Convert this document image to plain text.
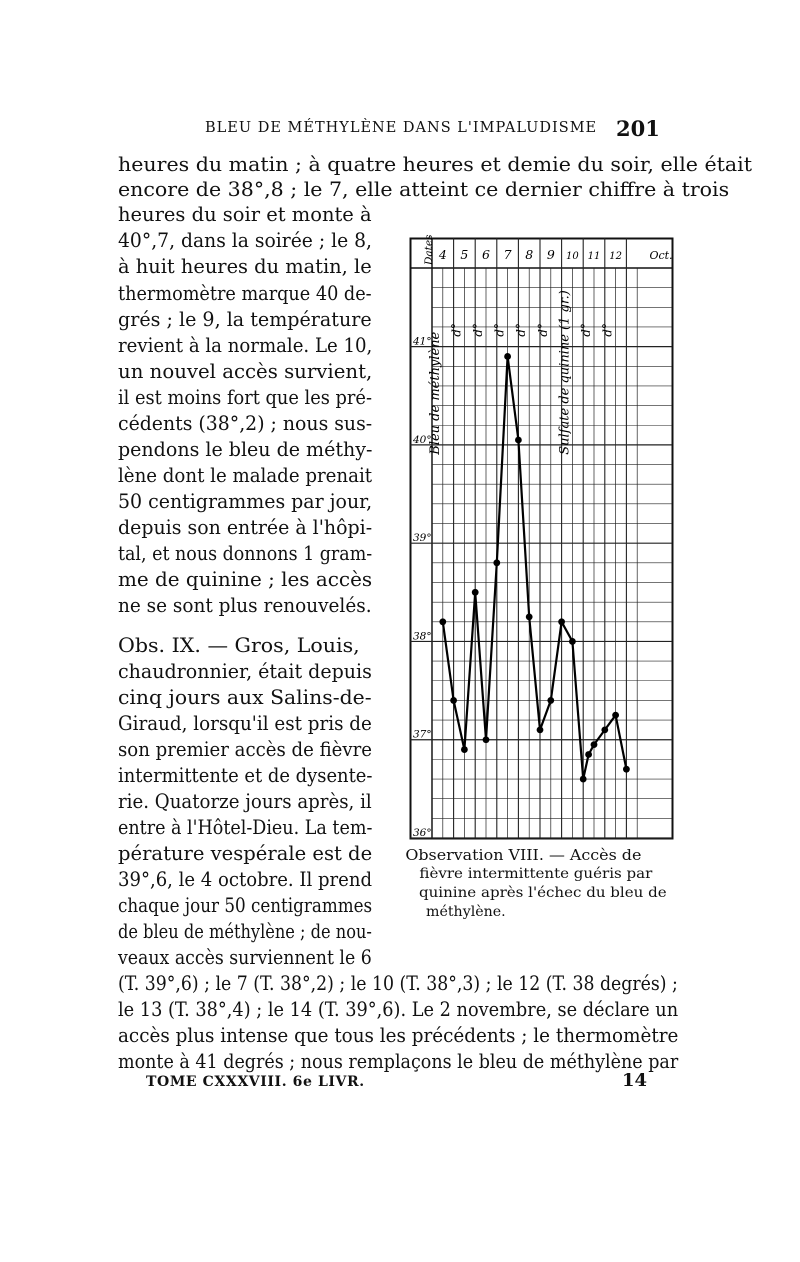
BLEU DE MÉTHYLÈNE DANS L'IMPALUDISME 201
heures du matin ; à quatre heures et demie du soir, elle était
encore de 38°,8 ; le 7, elle atteint ce dernier chiffre à trois
heures du soir et monte à
40°,7, dans la soirée ; le 8,
à huit heures du matin, le
thermomètre marque 40 de-
grés ; le 9, la température
revient à la normale. Le 10,
un nouvel accès survient,
il est moins fort que les pré-
cédents (38°,2) ; nous sus-
pendons le bleu de méthy-
lène dont le malade prenait
50 centigrammes par jour,
depuis son entrée à l'hôpi-
tal, et nous donnons 1 gram-
me de quinine ; les accès
ne se sont plus renouvelés.
Obs. IX. — Gros, Louis,
chaudronnier, était depuis
cinq jours aux Salins-de-
Giraud, lorsqu'il est pris de
son premier accès de fièvre
intermittente et de dysente-
rie. Quatorze jours après, il
entre à l'Hôtel-Dieu. La tem-
pérature vespérale est de
39°,6, le 4 octobre. Il prend
chaque jour 50 centigrammes
de bleu de méthylène ; de nou-
veaux accès surviennent le 6
(T. 39°,6) ; le 7 (T. 38°,2) ; le 10 (T. 38°,3) ; le 12 (T. 38 degrés) ;
le 13 (T. 38°,4) ; le 14 (T. 39°,6). Le 2 novembre, se déclare un
accès plus intense que tous les précédents ; le thermomètre
monte à 41 degrés ; nous remplaçons le bleu de méthylène par
Dates 4 5 6 7 8 9 10 11 12 Oct.
41°
40°
39°
38°
37°
36°
Bleu de méthylène	Sulfate de quinine (1 gr.)
d° d° d° d° d° d° d°
Observation VIII. — Accès de
fièvre intermittente guéris par
quinine après l'échec du bleu de
méthylène.
TOME CXXXVIII. 6e LIVR.	14
